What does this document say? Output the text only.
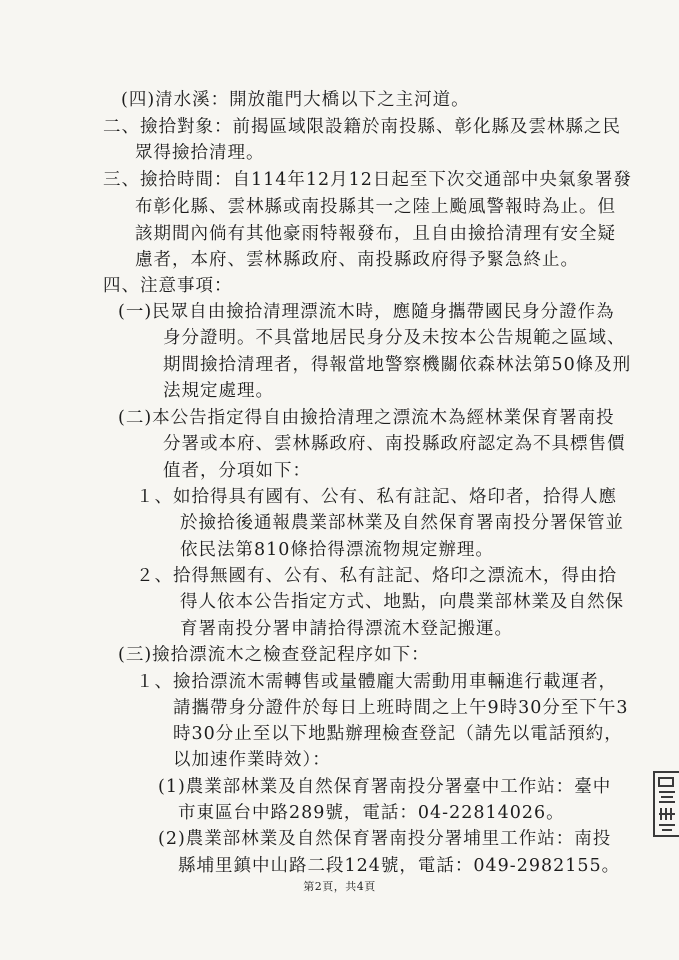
(四)清水溪：開放龍門大橋以下之主河道。
二、撿拾對象：前揭區域限設籍於南投縣、彰化縣及雲林縣之民
眾得撿拾清理。
三、撿拾時間：自114年12月12日起至下次交通部中央氣象署發
布彰化縣、雲林縣或南投縣其一之陸上颱風警報時為止。但
該期間內倘有其他豪雨特報發布，且自由撿拾清理有安全疑
慮者，本府、雲林縣政府、南投縣政府得予緊急終止。
四、注意事項：
(一)民眾自由撿拾清理漂流木時，應隨身攜帶國民身分證作為
身分證明。不具當地居民身分及未按本公告規範之區域、
期間撿拾清理者，得報當地警察機關依森林法第50條及刑
法規定處理。
(二)本公告指定得自由撿拾清理之漂流木為經林業保育署南投
分署或本府、雲林縣政府、南投縣政府認定為不具標售價
值者，分項如下：
１、如拾得具有國有、公有、私有註記、烙印者，拾得人應
於撿拾後通報農業部林業及自然保育署南投分署保管並
依民法第810條拾得漂流物規定辦理。
２、拾得無國有、公有、私有註記、烙印之漂流木，得由拾
得人依本公告指定方式、地點，向農業部林業及自然保
育署南投分署申請拾得漂流木登記搬運。
(三)撿拾漂流木之檢查登記程序如下：
１、撿拾漂流木需轉售或量體龐大需動用車輛進行載運者，
請攜帶身分證件於每日上班時間之上午9時30分至下午3
時30分止至以下地點辦理檢查登記（請先以電話預約，
以加速作業時效）：
(1)農業部林業及自然保育署南投分署臺中工作站：臺中
市東區台中路289號，電話：04-22814026。
(2)農業部林業及自然保育署南投分署埔里工作站：南投
縣埔里鎮中山路二段124號，電話：049-2982155。
第2頁，共4頁
